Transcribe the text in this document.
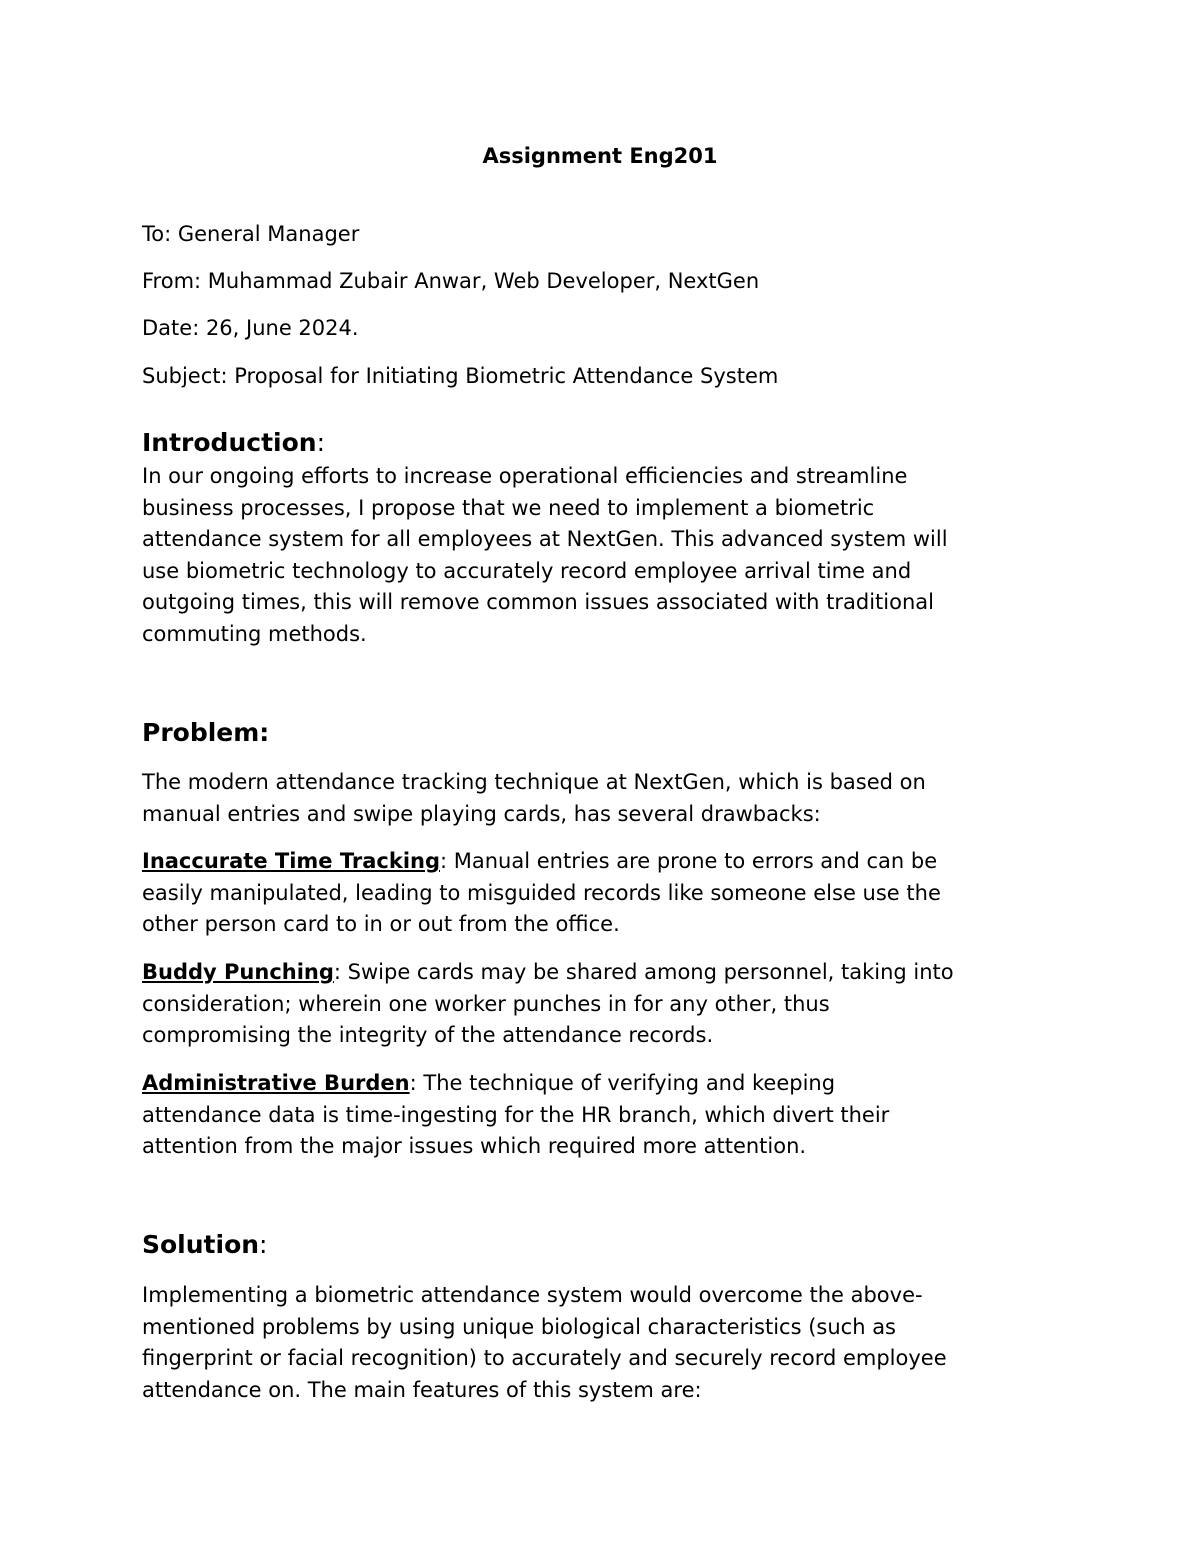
Assignment Eng201
To: General Manager
From: Muhammad Zubair Anwar, Web Developer, NextGen
Date: 26, June 2024.
Subject: Proposal for Initiating Biometric Attendance System
Introduction:
In our ongoing efforts to increase operational efficiencies and streamline
business processes, I propose that we need to implement a biometric
attendance system for all employees at NextGen. This advanced system will
use biometric technology to accurately record employee arrival time and
outgoing times, this will remove common issues associated with traditional
commuting methods.
Problem:
The modern attendance tracking technique at NextGen, which is based on
manual entries and swipe playing cards, has several drawbacks:
Inaccurate Time Tracking: Manual entries are prone to errors and can be
easily manipulated, leading to misguided records like someone else use the
other person card to in or out from the office.
Buddy Punching: Swipe cards may be shared among personnel, taking into
consideration; wherein one worker punches in for any other, thus
compromising the integrity of the attendance records.
Administrative Burden: The technique of verifying and keeping
attendance data is time-ingesting for the HR branch, which divert their
attention from the major issues which required more attention.
Solution:
Implementing a biometric attendance system would overcome the above-
mentioned problems by using unique biological characteristics (such as
fingerprint or facial recognition) to accurately and securely record employee
attendance on. The main features of this system are:
